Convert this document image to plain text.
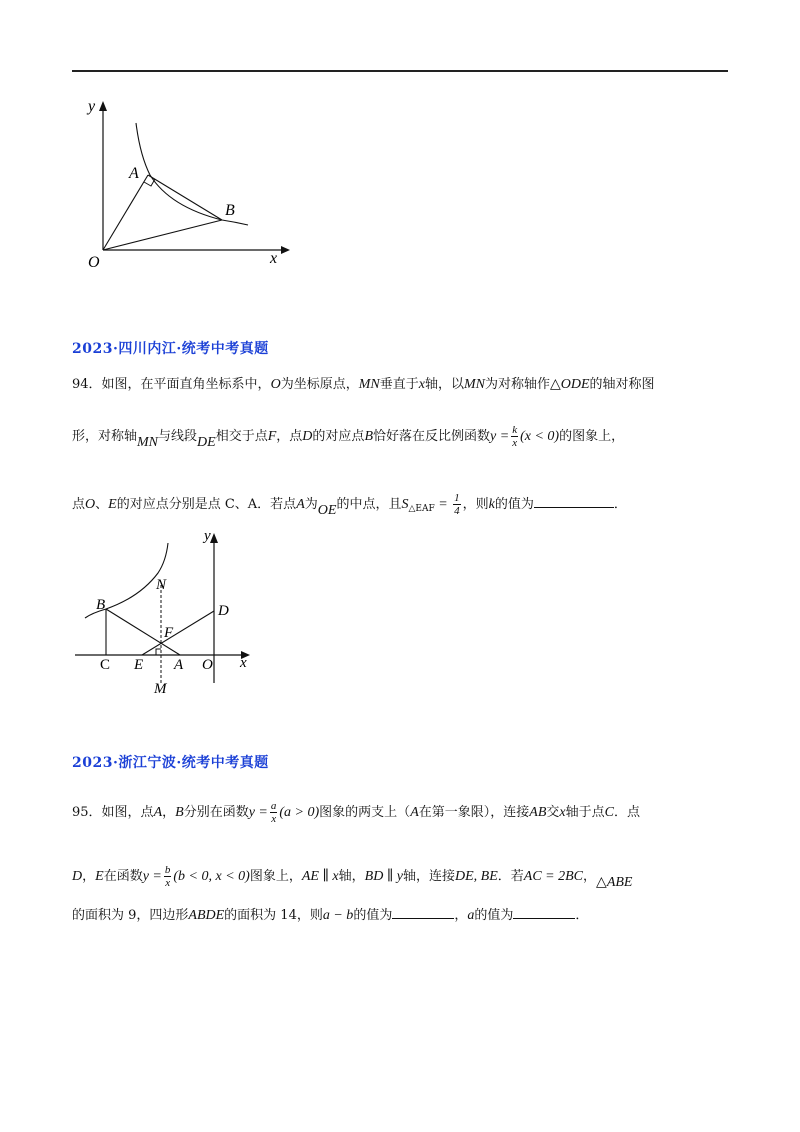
y
A
B
O	x
2023·四川内江·统考中考真题
94．如图，在平面直角坐标系中，O为坐标原点，MN垂直于x轴，以MN为对称轴作△ODE的轴对称图
形，对称轴MN与线段DE相交于点F，点D的对应点B恰好落在反比例函数$y = \frac{k}{x} (x < 0)$的图象上，
点O、E的对应点分别是点 C、A．若点A为OE的中点，且$S_{\triangle EAF} = \frac{1}{4}$ ，则k的值为	．
y
N
B	D
F
C E A O x
M
2023·浙江宁波·统考中考真题
95．如图，点A，B分别在函数$y = \frac{a}{x} (a > 0)$图象的两支上（A在第一象限），连接AB交x轴于点C．点
D，E在函数$y = \frac{b}{x} (b < 0$, x < 0)图象上，AE ∥ x轴，BD ∥ y轴，连接DE, BE．若AC = 2BC，△ABE
的面积为 9，四边形ABDE的面积为 14，则a − b的值为	，a的值为	．
